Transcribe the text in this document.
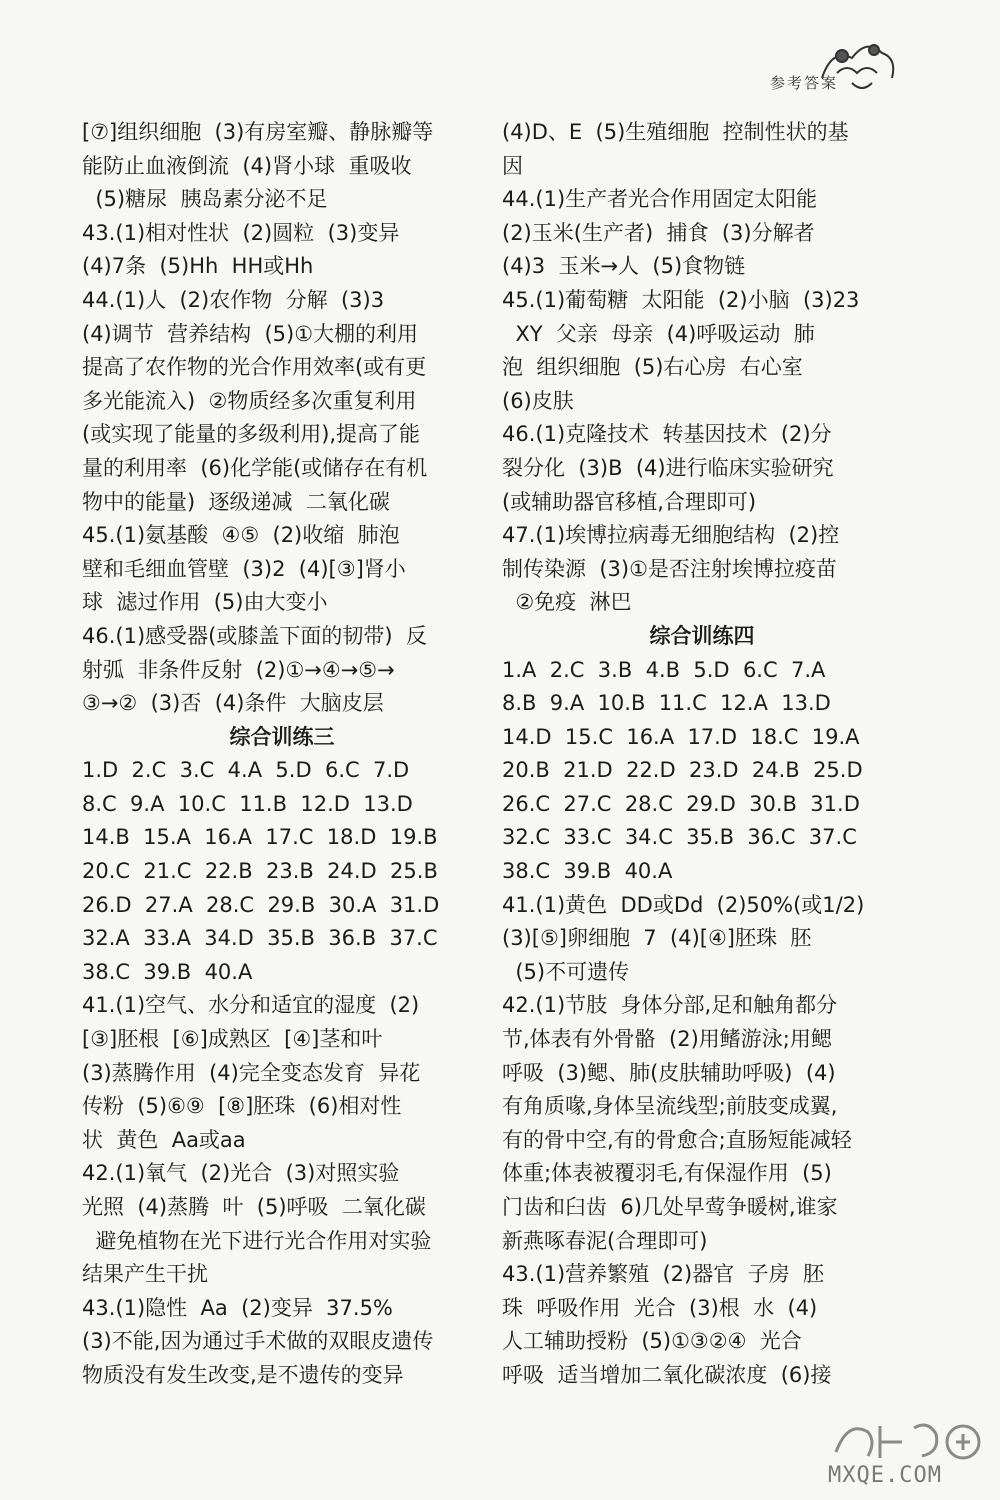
参考答案
[⑦]组织细胞  (3)有房室瓣、静脉瓣等
能防止血液倒流  (4)肾小球  重吸收
(5)糖尿  胰岛素分泌不足
43.(1)相对性状  (2)圆粒  (3)变异
(4)7条  (5)Hh  HH或Hh
44.(1)人  (2)农作物  分解  (3)3
(4)调节  营养结构  (5)①大棚的利用
提高了农作物的光合作用效率(或有更
多光能流入)  ②物质经多次重复利用
(或实现了能量的多级利用),提高了能
量的利用率  (6)化学能(或储存在有机
物中的能量)  逐级递减  二氧化碳
45.(1)氨基酸  ④⑤  (2)收缩  肺泡
壁和毛细血管壁  (3)2  (4)[③]肾小
球  滤过作用  (5)由大变小
46.(1)感受器(或膝盖下面的韧带)  反
射弧  非条件反射  (2)①→④→⑤→
③→②  (3)否  (4)条件  大脑皮层
综合训练三
1.D  2.C  3.C  4.A  5.D  6.C  7.D
8.C  9.A  10.C  11.B  12.D  13.D
14.B  15.A  16.A  17.C  18.D  19.B
20.C  21.C  22.B  23.B  24.D  25.B
26.D  27.A  28.C  29.B  30.A  31.D
32.A  33.A  34.D  35.B  36.B  37.C
38.C  39.B  40.A
41.(1)空气、水分和适宜的湿度  (2)
[③]胚根  [⑥]成熟区  [④]茎和叶
(3)蒸腾作用  (4)完全变态发育  异花
传粉  (5)⑥⑨  [⑧]胚珠  (6)相对性
状  黄色  Aa或aa
42.(1)氧气  (2)光合  (3)对照实验
光照  (4)蒸腾  叶  (5)呼吸  二氧化碳
避免植物在光下进行光合作用对实验
结果产生干扰
43.(1)隐性  Aa  (2)变异  37.5%
(3)不能,因为通过手术做的双眼皮遗传
物质没有发生改变,是不遗传的变异
(4)D、E  (5)生殖细胞  控制性状的基
因
44.(1)生产者光合作用固定太阳能
(2)玉米(生产者)  捕食  (3)分解者
(4)3  玉米→人  (5)食物链
45.(1)葡萄糖  太阳能  (2)小脑  (3)23
XY  父亲  母亲  (4)呼吸运动  肺
泡  组织细胞  (5)右心房  右心室
(6)皮肤
46.(1)克隆技术  转基因技术  (2)分
裂分化  (3)B  (4)进行临床实验研究
(或辅助器官移植,合理即可)
47.(1)埃博拉病毒无细胞结构  (2)控
制传染源  (3)①是否注射埃博拉疫苗
②免疫  淋巴
综合训练四
1.A  2.C  3.B  4.B  5.D  6.C  7.A
8.B  9.A  10.B  11.C  12.A  13.D
14.D  15.C  16.A  17.D  18.C  19.A
20.B  21.D  22.D  23.D  24.B  25.D
26.C  27.C  28.C  29.D  30.B  31.D
32.C  33.C  34.C  35.B  36.C  37.C
38.C  39.B  40.A
41.(1)黄色  DD或Dd  (2)50%(或1/2)
(3)[⑤]卵细胞  7  (4)[④]胚珠  胚
(5)不可遗传
42.(1)节肢  身体分部,足和触角都分
节,体表有外骨骼  (2)用鳍游泳;用鳃
呼吸  (3)鳃、肺(皮肤辅助呼吸)  (4)
有角质喙,身体呈流线型;前肢变成翼,
有的骨中空,有的骨愈合;直肠短能减轻
体重;体表被覆羽毛,有保湿作用  (5)
门齿和臼齿  6)几处早莺争暖树,谁家
新燕啄春泥(合理即可)
43.(1)营养繁殖  (2)器官  子房  胚
珠  呼吸作用  光合  (3)根  水  (4)
人工辅助授粉  (5)①③②④  光合
呼吸  适当增加二氧化碳浓度  (6)接
MXQE.COM
